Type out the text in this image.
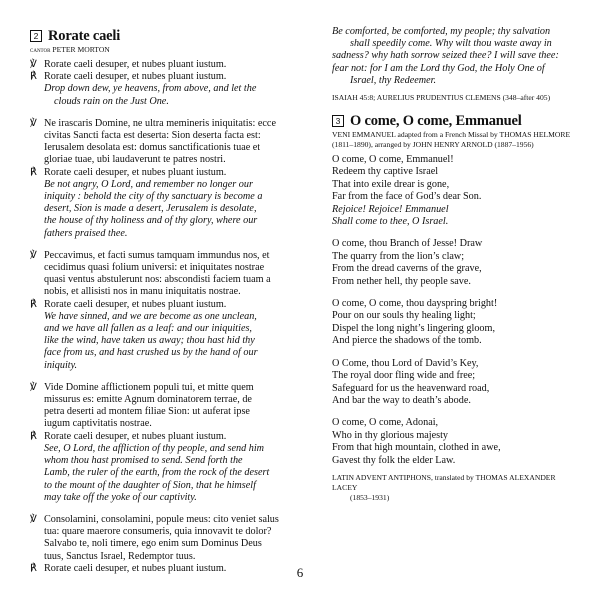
2 Rorate caeli
cantor PETER MORTON
℣ Rorate caeli desuper, et nubes pluant iustum.
℟ Rorate caeli desuper, et nubes pluant iustum.
Drop down dew, ye heavens, from above, and let the
clouds rain on the Just One.
℣ Ne irascaris Domine, ne ultra memineris iniquitatis: ecce
civitas Sancti facta est deserta: Sion deserta facta est:
Ierusalem desolata est: domus sanctificationis tuae et
gloriae tuae, ubi laudaverunt te patres nostri.
℟ Rorate caeli desuper, et nubes pluant iustum.
Be not angry, O Lord, and remember no longer our
iniquity : behold the city of thy sanctuary is become a
desert, Sion is made a desert, Jerusalem is desolate,
the house of thy holiness and of thy glory, where our
fathers praised thee.
℣ Peccavimus, et facti sumus tamquam immundus nos, et
cecidimus quasi folium universi: et iniquitates nostrae
quasi ventus abstulerunt nos: abscondisti faciem tuam a
nobis, et allisisti nos in manu iniquitatis nostrae.
℟ Rorate caeli desuper, et nubes pluant iustum.
We have sinned, and we are become as one unclean,
and we have all fallen as a leaf: and our iniquities,
like the wind, have taken us away; thou hast hid thy
face from us, and hast crushed us by the hand of our
iniquity.
℣ Vide Domine afflictionem populi tui, et mitte quem
missurus es: emitte Agnum dominatorem terrae, de
petra deserti ad montem filiae Sion: ut auferat ipse
iugum captivitatis nostrae.
℟ Rorate caeli desuper, et nubes pluant iustum.
See, O Lord, the affliction of thy people, and send him
whom thou hast promised to send. Send forth the
Lamb, the ruler of the earth, from the rock of the desert
to the mount of the daughter of Sion, that he himself
may take off the yoke of our captivity.
℣ Consolamini, consolamini, popule meus: cito veniet salus
tua: quare maerore consumeris, quia innovavit te dolor?
Salvabo te, noli timere, ego enim sum Dominus Deus
tuus, Sanctus Israel, Redemptor tuus.
℟ Rorate caeli desuper, et nubes pluant iustum.
Be comforted, be comforted, my people; thy salvation
shall speedily come. Why wilt thou waste away in
sadness? why hath sorrow seized thee? I will save thee:
fear not: for I am the Lord thy God, the Holy One of
Israel, thy Redeemer.
ISAIAH 45:8; AURELIUS PRUDENTIUS CLEMENS (348–after 405)
3 O come, O come, Emmanuel
VENI EMMANUEL adapted from a French Missal by THOMAS HELMORE
(1811–1890), arranged by JOHN HENRY ARNOLD (1887–1956)
O come, O come, Emmanuel!
Redeem thy captive Israel
That into exile drear is gone,
Far from the face of God’s dear Son.
Rejoice! Rejoice! Emmanuel
Shall come to thee, O Israel.
O come, thou Branch of Jesse! Draw
The quarry from the lion’s claw;
From the dread caverns of the grave,
From nether hell, thy people save.
O come, O come, thou dayspring bright!
Pour on our souls thy healing light;
Dispel the long night’s lingering gloom,
And pierce the shadows of the tomb.
O Come, thou Lord of David’s Key,
The royal door fling wide and free;
Safeguard for us the heavenward road,
And bar the way to death’s abode.
O come, O come, Adonai,
Who in thy glorious majesty
From that high mountain, clothed in awe,
Gavest thy folk the elder Law.
LATIN ADVENT ANTIPHONS, translated by THOMAS ALEXANDER LACEY
(1853–1931)
6
